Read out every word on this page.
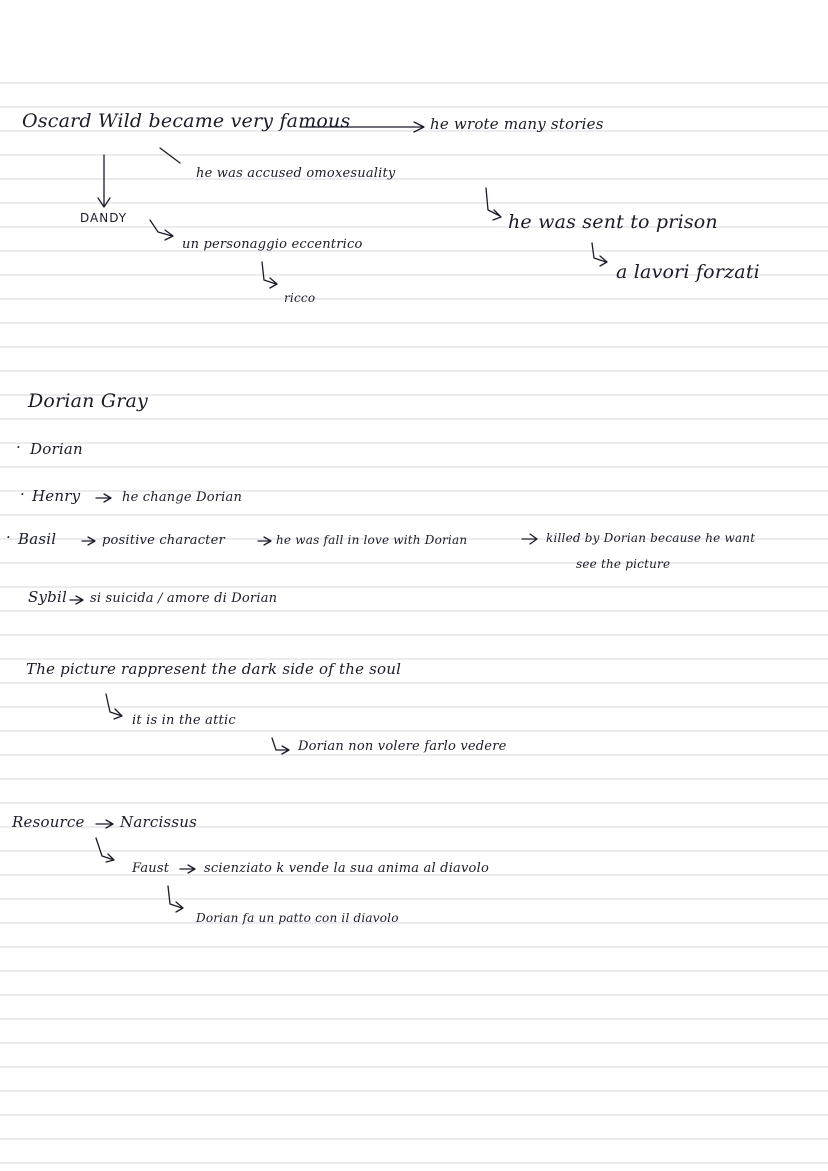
Oscard Wild became very famous	he wrote many stories
he was accused omoxesuality
DANDY
un personaggio eccentrico
ricco
he was sent to prison
a lavori forzati
Dorian Gray
· Dorian
· Henry	he change Dorian
· Basil	positive character	he was fall in love with Dorian	killed by Dorian because he want
see the picture
Sybil si suicida / amore di Dorian
The picture rappresent the dark side of the soul
it is in the attic
Dorian non volere farlo vedere
Resource Narcissus
Faust	scienziato k vende la sua anima al diavolo
Dorian fa un patto con il diavolo
